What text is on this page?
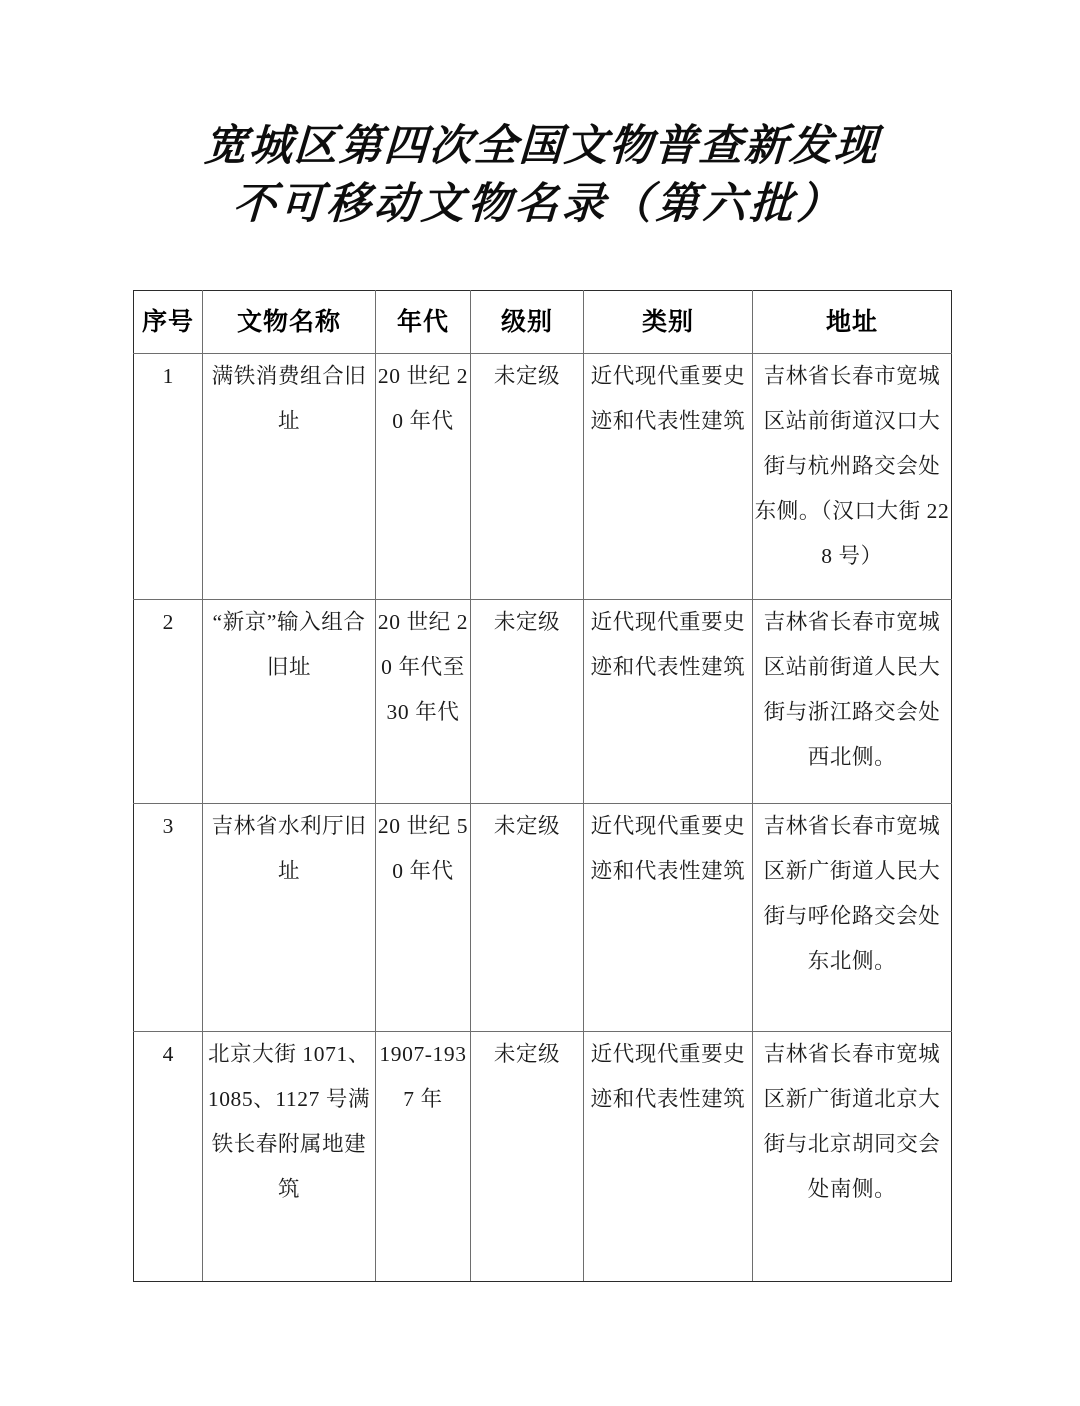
宽城区第四次全国文物普查新发现
不可移动文物名录（第六批）
序号	文物名称	年代	级别	类别	地址
1	满铁消费组合旧址	20 世纪 20 年代	未定级	近代现代重要史迹和代表性建筑	吉林省长春市宽城区站前街道汉口大街与杭州路交会处东侧。（汉口大街 228 号）
2	“新京”输入组合旧址	20 世纪 20 年代至 30 年代	未定级	近代现代重要史迹和代表性建筑	吉林省长春市宽城区站前街道人民大街与浙江路交会处西北侧。
3	吉林省水利厅旧址	20 世纪 50 年代	未定级	近代现代重要史迹和代表性建筑	吉林省长春市宽城区新广街道人民大街与呼伦路交会处东北侧。
4	北京大街 1071、1085、1127 号满铁长春附属地建筑	1907-1937 年	未定级	近代现代重要史迹和代表性建筑	吉林省长春市宽城区新广街道北京大街与北京胡同交会处南侧。
